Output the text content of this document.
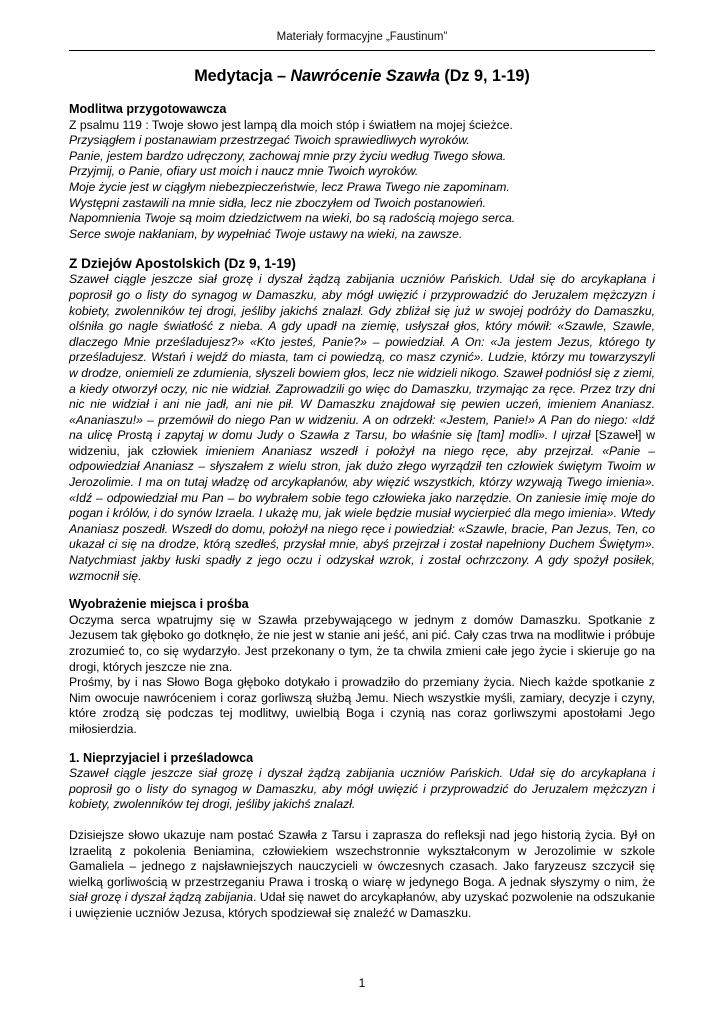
Materiały formacyjne „Faustinum”
Medytacja – Nawrócenie Szawła (Dz 9, 1-19)

Modlitwa przygotowawcza

Z psalmu 119 : Twoje słowo jest lampą dla moich stóp i światłem na mojej ścieżce.
Przysiągłem i postanawiam przestrzegać Twoich sprawiedliwych wyroków.
Panie, jestem bardzo udręczony, zachowaj mnie przy życiu według Twego słowa.
Przyjmij, o Panie, ofiary ust moich i naucz mnie Twoich wyroków.
Moje życie jest w ciągłym niebezpieczeństwie, lecz Prawa Twego nie zapominam.
Występni zastawili na mnie sidła, lecz nie zboczyłem od Twoich postanowień.
Napomnienia Twoje są moim dziedzictwem na wieki, bo są radością mojego serca.
Serce swoje nakłaniam, by wypełniać Twoje ustawy na wieki, na zawsze.

Z Dziejów Apostolskich (Dz 9, 1-19)

Szaweł ciągle jeszcze siał grozę i dyszał żądzą zabijania uczniów Pańskich. Udał się do arcykapłana i poprosił go o listy do synagog w Damaszku, aby mógł uwięzić i przyprowadzić do Jeruzalem mężczyzn i kobiety, zwolenników tej drogi, jeśliby jakichś znalazł. Gdy zbliżał się już w swojej podróży do Damaszku, olśniła go nagle światłość z nieba. A gdy upadł na ziemię, usłyszał głos, który mówił: «Szawle, Szawle, dlaczego Mnie prześladujesz?» «Kto jesteś, Panie?» – powiedział. A On: «Ja jestem Jezus, którego ty prześladujesz. Wstań i wejdź do miasta, tam ci powiedzą, co masz czynić». Ludzie, którzy mu towarzyszyli w drodze, oniemieli ze zdumienia, słyszeli bowiem głos, lecz nie widzieli nikogo. Szaweł podniósł się z ziemi, a kiedy otworzył oczy, nic nie widział. Zaprowadzili go więc do Damaszku, trzymając za ręce. Przez trzy dni nic nie widział i ani nie jadł, ani nie pił. W Damaszku znajdował się pewien uczeń, imieniem Ananiasz. «Ananiaszu!» – przemówił do niego Pan w widzeniu. A on odrzekł: «Jestem, Panie!» A Pan do niego: «Idź na ulicę Prostą i zapytaj w domu Judy o Szawła z Tarsu, bo właśnie się [tam] modli». I ujrzał [Szaweł] w widzeniu, jak człowiek imieniem Ananiasz wszedł i położył na niego ręce, aby przejrzał. «Panie – odpowiedział Ananiasz – słyszałem z wielu stron, jak dużo złego wyrządził ten człowiek świętym Twoim w Jerozolimie. I ma on tutaj władzę od arcykapłanów, aby więzić wszystkich, którzy wzywają Twego imienia». «Idź – odpowiedział mu Pan – bo wybrałem sobie tego człowieka jako narzędzie. On zaniesie imię moje do pogan i królów, i do synów Izraela. I ukażę mu, jak wiele będzie musiał wycierpieć dla mego imienia». Wtedy Ananiasz poszedł. Wszedł do domu, położył na niego ręce i powiedział: «Szawle, bracie, Pan Jezus, Ten, co ukazał ci się na drodze, którą szedłeś, przysłał mnie, abyś przejrzał i został napełniony Duchem Świętym». Natychmiast jakby łuski spadły z jego oczu i odzyskał wzrok, i został ochrzczony. A gdy spożył posiłek, wzmocnił się.

Wyobrażenie miejsca i prośba

Oczyma serca wpatrujmy się w Szawła przebywającego w jednym z domów Damaszku. Spotkanie z Jezusem tak głęboko go dotknęło, że nie jest w stanie ani jeść, ani pić. Cały czas trwa na modlitwie i próbuje zrozumieć to, co się wydarzyło. Jest przekonany o tym, że ta chwila zmieni całe jego życie i skieruje go na drogi, których jeszcze nie zna.

Prośmy, by i nas Słowo Boga głęboko dotykało i prowadziło do przemiany życia. Niech każde spotkanie z Nim owocuje nawróceniem i coraz gorliwszą służbą Jemu. Niech wszystkie myśli, zamiary, decyzje i czyny, które zrodzą się podczas tej modlitwy, uwielbią Boga i czynią nas coraz gorliwszymi apostołami Jego miłosierdzia.

1. Nieprzyjaciel i prześladowca

Szaweł ciągle jeszcze siał grozę i dyszał żądzą zabijania uczniów Pańskich. Udał się do arcykapłana i poprosił go o listy do synagog w Damaszku, aby mógł uwięzić i przyprowadzić do Jeruzalem mężczyzn i kobiety, zwolenników tej drogi, jeśliby jakichś znalazł.

Dzisiejsze słowo ukazuje nam postać Szawła z Tarsu i zaprasza do refleksji nad jego historią życia. Był on Izraelitą z pokolenia Beniamina, człowiekiem wszechstronnie wykształconym w Jerozolimie w szkole Gamaliela – jednego z najsławniejszych nauczycieli w ówczesnych czasach. Jako faryzeusz szczycił się wielką gorliwością w przestrzeganiu Prawa i troską o wiarę w jedynego Boga. A jednak słyszymy o nim, że siał grozę i dyszał żądzą zabijania. Udał się nawet do arcykapłanów, aby uzyskać pozwolenie na odszukanie i uwięzienie uczniów Jezusa, których spodziewał się znaleźć w Damaszku.

1
